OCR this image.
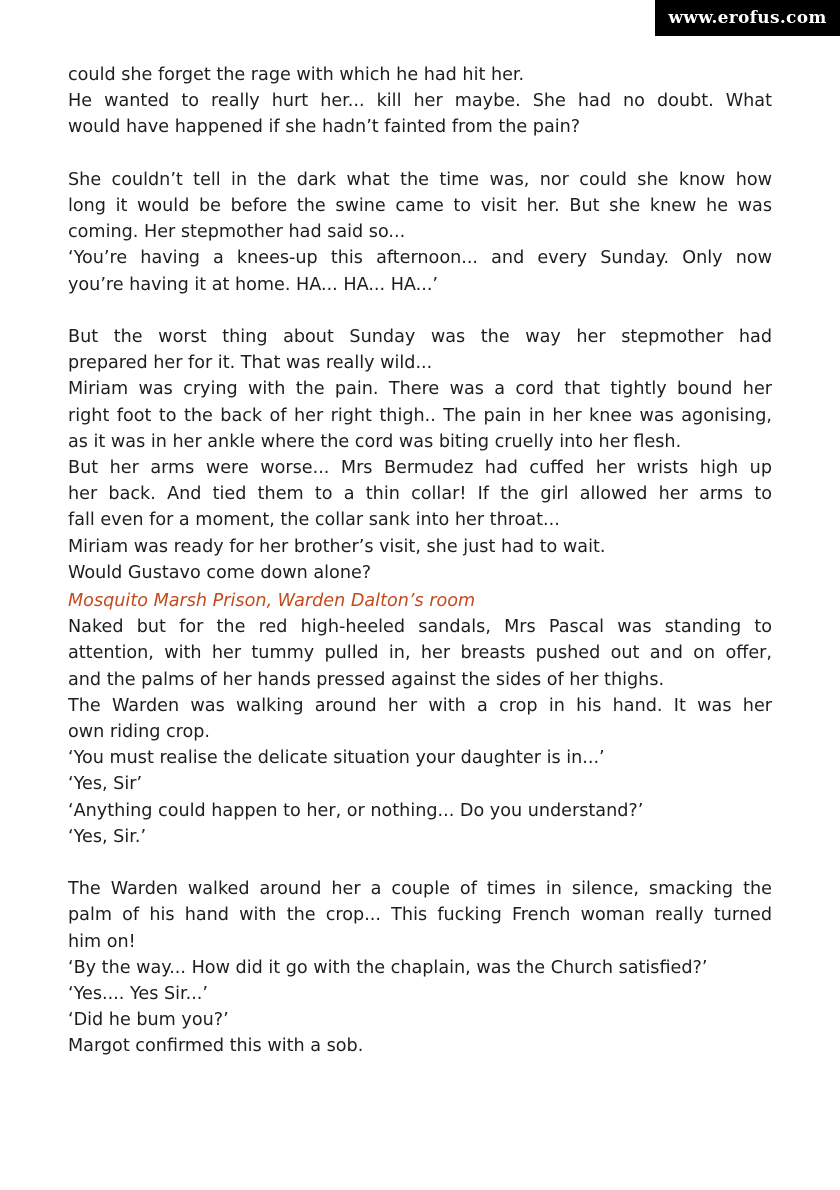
www.erofus.com
could she forget the rage with which he had hit her.
He wanted to really hurt her... kill her maybe. She had no doubt. What
would have happened if she hadn’t fainted from the pain?
She couldn’t tell in the dark what the time was, nor could she know how
long it would be before the swine came to visit her. But she knew he was
coming. Her stepmother had said so...
‘You’re having a knees-up this afternoon... and every Sunday. Only now
you’re having it at home. HA... HA... HA...’
But the worst thing about Sunday was the way her stepmother had
prepared her for it. That was really wild...
Miriam was crying with the pain. There was a cord that tightly bound her
right foot to the back of her right thigh.. The pain in her knee was agonising,
as it was in her ankle where the cord was biting cruelly into her flesh.
But her arms were worse... Mrs Bermudez had cuffed her wrists high up
her back. And tied them to a thin collar! If the girl allowed her arms to
fall even for a moment, the collar sank into her throat...
Miriam was ready for her brother’s visit, she just had to wait.
Would Gustavo come down alone?
Mosquito Marsh Prison, Warden Dalton’s room
Naked but for the red high-heeled sandals, Mrs Pascal was standing to
attention, with her tummy pulled in, her breasts pushed out and on offer,
and the palms of her hands pressed against the sides of her thighs.
The Warden was walking around her with a crop in his hand. It was her
own riding crop.
‘You must realise the delicate situation your daughter is in...’
‘Yes, Sir’
‘Anything could happen to her, or nothing... Do you understand?’
‘Yes, Sir.’
The Warden walked around her a couple of times in silence, smacking the
palm of his hand with the crop... This fucking French woman really turned
him on!
‘By the way... How did it go with the chaplain, was the Church satisfied?’
‘Yes.... Yes Sir...’
‘Did he bum you?’
Margot confirmed this with a sob.
